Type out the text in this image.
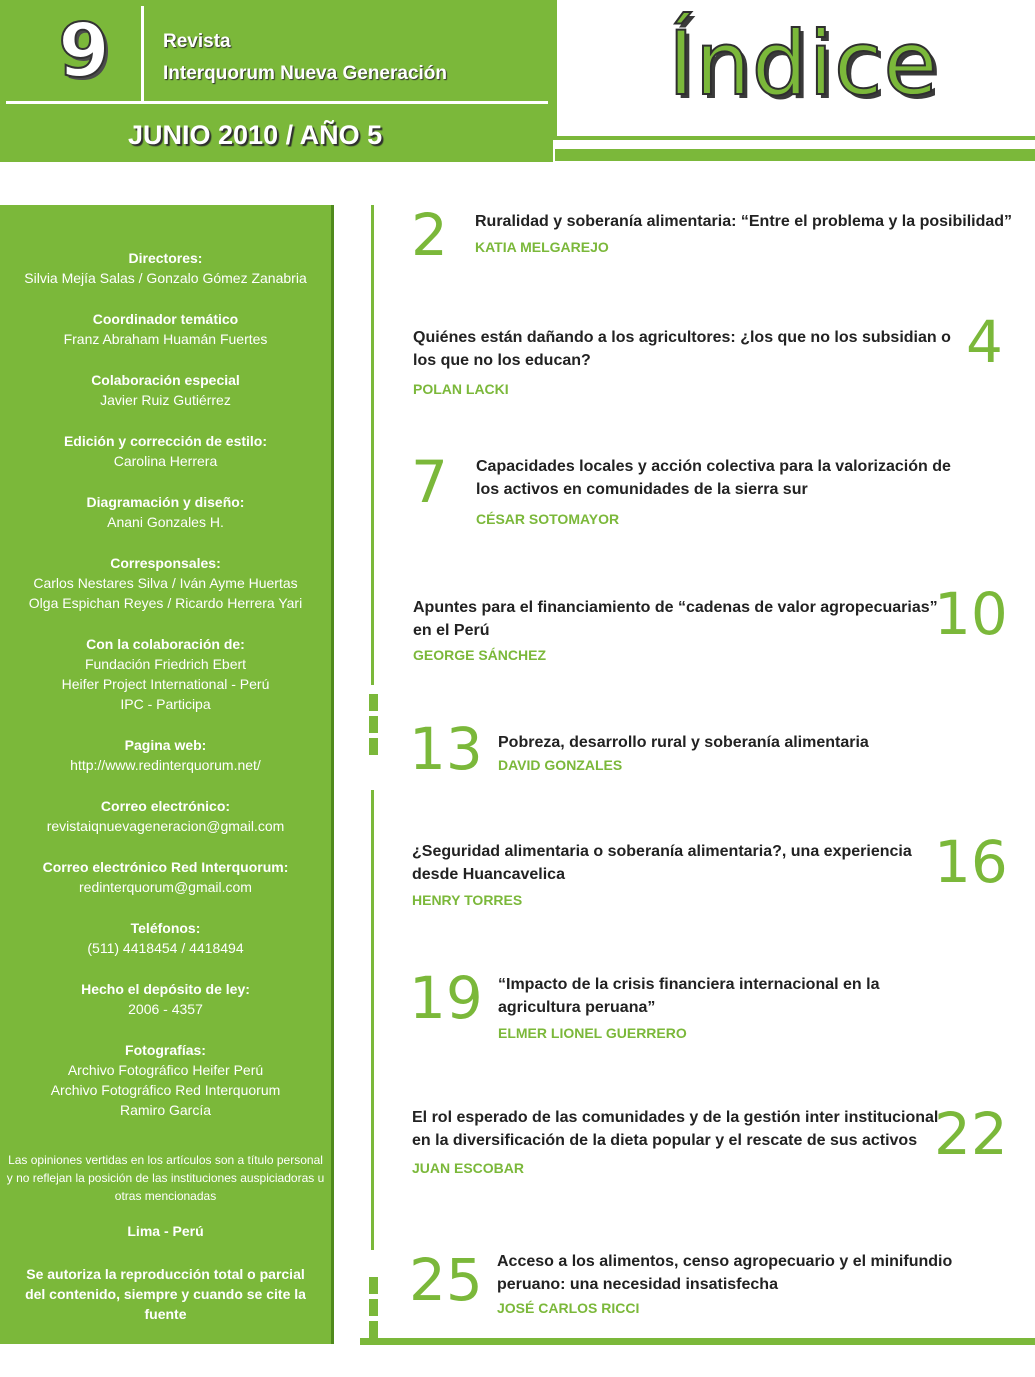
9	Revista
Interquorum Nueva Generación
JUNIO 2010 / AÑO 5
Índice
Directores:
Silvia Mejía Salas / Gonzalo Gómez Zanabria
Coordinador temático
Franz Abraham Huamán Fuertes
Colaboración especial
Javier Ruiz Gutiérrez
Edición y corrección de estilo:
Carolina Herrera
Diagramación y diseño:
Anani Gonzales H.
Corresponsales:
Carlos Nestares Silva / Iván Ayme Huertas
Olga Espichan Reyes / Ricardo Herrera Yari
Con la colaboración de:
Fundación Friedrich Ebert
Heifer Project International - Perú
IPC - Participa
Pagina web:
http://www.redinterquorum.net/
Correo electrónico:
revistaiqnuevageneracion@gmail.com
Correo electrónico Red Interquorum:
redinterquorum@gmail.com
Teléfonos:
(511) 4418454 / 4418494
Hecho el depósito de ley:
2006 - 4357
Fotografías:
Archivo Fotográfico Heifer Perú
Archivo Fotográfico Red Interquorum
Ramiro García
Las opiniones vertidas en los artículos son a título personal y no reflejan la posición de las instituciones auspiciadoras u otras mencionadas
Lima - Perú
Se autoriza la reproducción total o parcial del contenido, siempre y cuando se cite la fuente
2 Ruralidad y soberanía alimentaria: “Entre el problema y la posibilidad”
KATIA MELGAREJO
4
Quiénes están dañando a los agricultores: ¿los que no los subsidian o
los que no los educan?
POLAN LACKI
7 Capacidades locales y acción colectiva para la valorización de
los activos en comunidades de la sierra sur
CÉSAR SOTOMAYOR
10
Apuntes para el financiamiento de “cadenas de valor agropecuarias”
en el Perú
GEORGE SÁNCHEZ
13 Pobreza, desarrollo rural y soberanía alimentaria
DAVID GONZALES
16
¿Seguridad alimentaria o soberanía alimentaria?, una experiencia
desde Huancavelica
HENRY TORRES
19 “Impacto de la crisis financiera internacional en la
agricultura peruana”
ELMER LIONEL GUERRERO
22
El rol esperado de las comunidades y de la gestión inter institucional
en la diversificación de la dieta popular y el rescate de sus activos
JUAN ESCOBAR
25 Acceso a los alimentos, censo agropecuario y el minifundio
peruano: una necesidad insatisfecha
JOSÉ CARLOS RICCI
